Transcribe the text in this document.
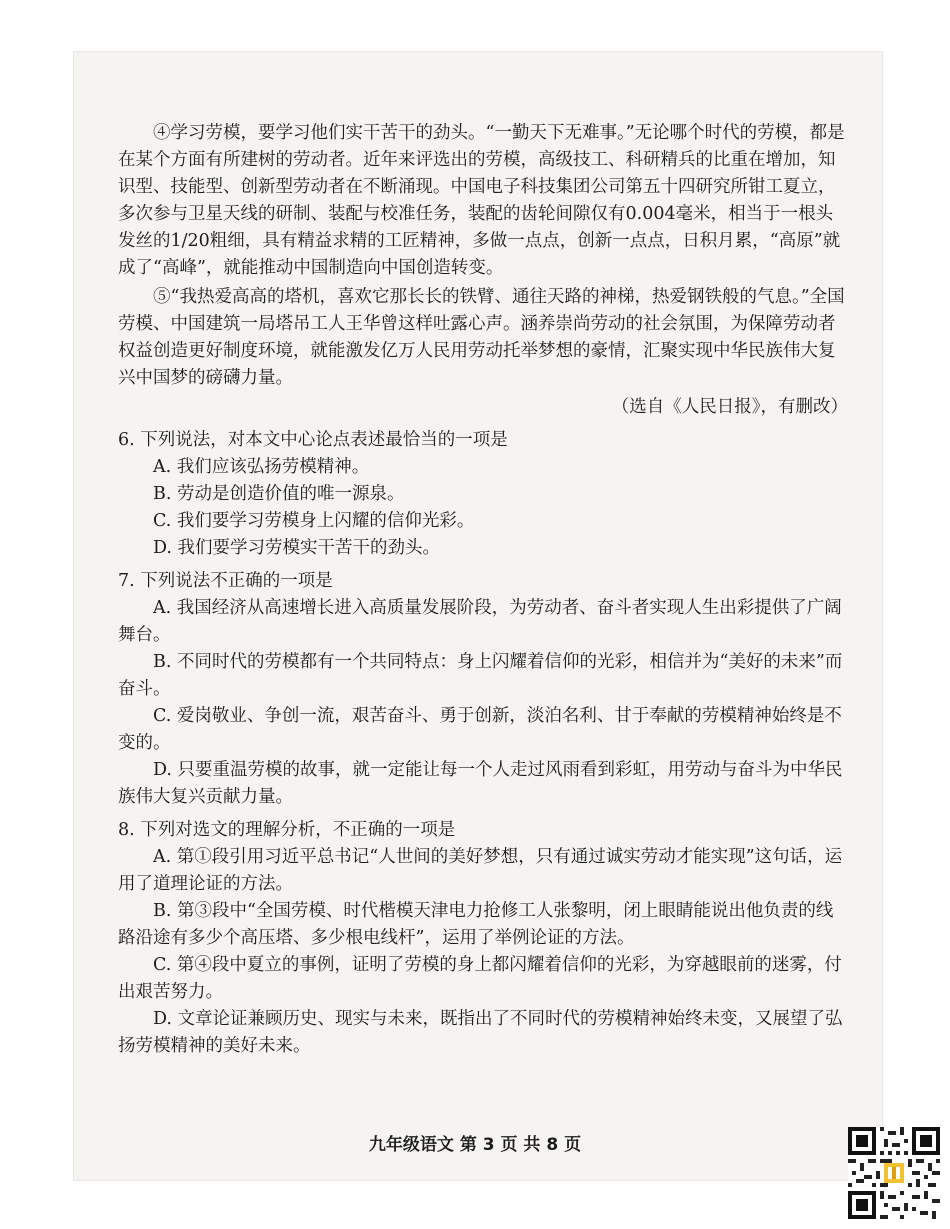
④学习劳模，要学习他们实干苦干的劲头。“一勤天下无难事。”无论哪个时代的劳模，都是在某个方面有所建树的劳动者。近年来评选出的劳模，高级技工、科研精兵的比重在增加，知识型、技能型、创新型劳动者在不断涌现。中国电子科技集团公司第五十四研究所钳工夏立，多次参与卫星天线的研制、装配与校准任务，装配的齿轮间隙仅有0.004毫米，相当于一根头发丝的1/20粗细，具有精益求精的工匠精神，多做一点点，创新一点点，日积月累，“高原”就成了“高峰”，就能推动中国制造向中国创造转变。

⑤“我热爱高高的塔机，喜欢它那长长的铁臂、通往天路的神梯，热爱钢铁般的气息。”全国劳模、中国建筑一局塔吊工人王华曾这样吐露心声。涵养崇尚劳动的社会氛围，为保障劳动者权益创造更好制度环境，就能激发亿万人民用劳动托举梦想的豪情，汇聚实现中华民族伟大复兴中国梦的磅礴力量。

（选自《人民日报》，有删改）

6. 下列说法，对本文中心论点表述最恰当的一项是
A. 我们应该弘扬劳模精神。
B. 劳动是创造价值的唯一源泉。
C. 我们要学习劳模身上闪耀的信仰光彩。
D. 我们要学习劳模实干苦干的劲头。
7. 下列说法不正确的一项是
A. 我国经济从高速增长进入高质量发展阶段，为劳动者、奋斗者实现人生出彩提供了广阔舞台。
B. 不同时代的劳模都有一个共同特点：身上闪耀着信仰的光彩，相信并为“美好的未来”而奋斗。
C. 爱岗敬业、争创一流，艰苦奋斗、勇于创新，淡泊名利、甘于奉献的劳模精神始终是不变的。
D. 只要重温劳模的故事，就一定能让每一个人走过风雨看到彩虹，用劳动与奋斗为中华民族伟大复兴贡献力量。
8. 下列对选文的理解分析，不正确的一项是
A. 第①段引用习近平总书记“人世间的美好梦想，只有通过诚实劳动才能实现”这句话，运用了道理论证的方法。
B. 第③段中“全国劳模、时代楷模天津电力抢修工人张黎明，闭上眼睛能说出他负责的线路沿途有多少个高压塔、多少根电线杆”，运用了举例论证的方法。
C. 第④段中夏立的事例，证明了劳模的身上都闪耀着信仰的光彩，为穿越眼前的迷雾，付出艰苦努力。
D. 文章论证兼顾历史、现实与未来，既指出了不同时代的劳模精神始终未变，又展望了弘扬劳模精神的美好未来。
九年级语文 第 3 页 共 8 页
